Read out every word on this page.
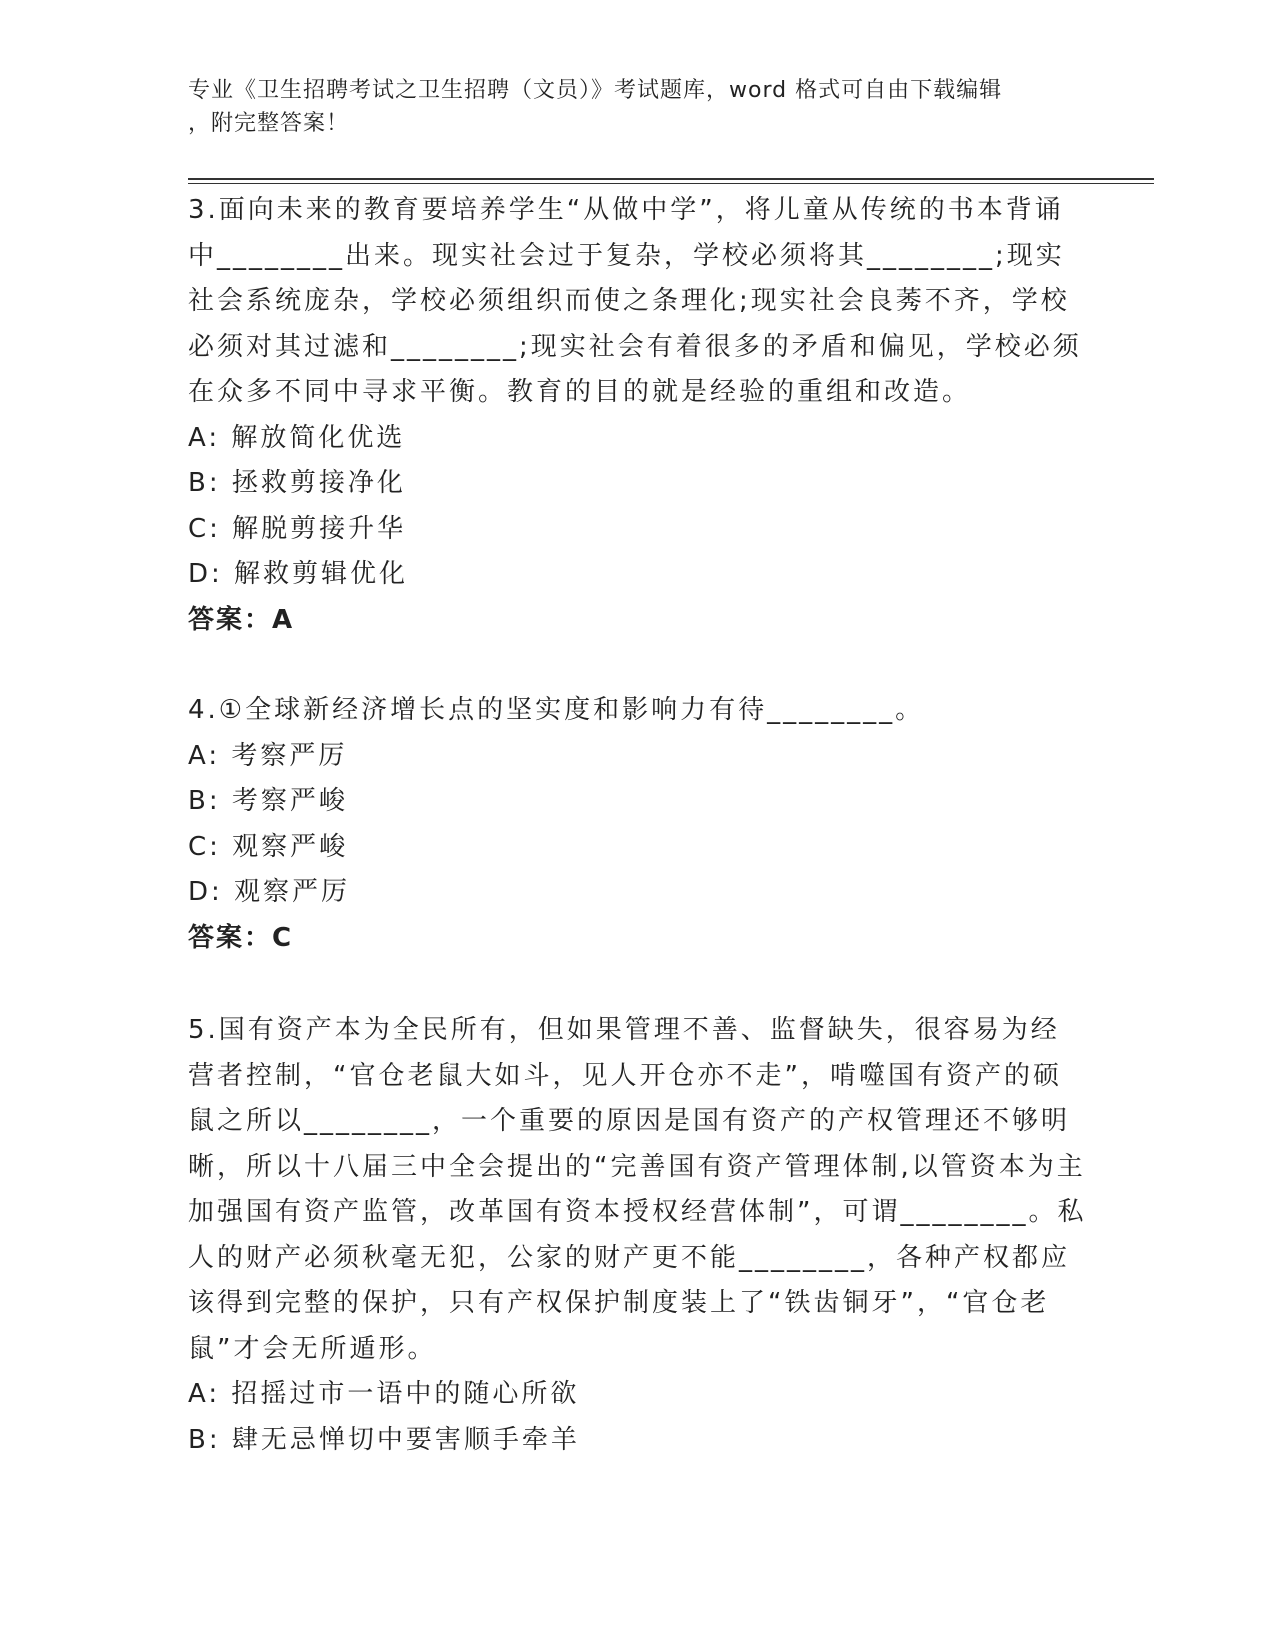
专业《卫生招聘考试之卫生招聘（文员）》考试题库，word 格式可自由下载编辑
，附完整答案！

3.面向未来的教育要培养学生“从做中学”，将儿童从传统的书本背诵中________出来。现实社会过于复杂，学校必须将其________;现实社会系统庞杂，学校必须组织而使之条理化;现实社会良莠不齐，学校必须对其过滤和________;现实社会有着很多的矛盾和偏见，学校必须在众多不同中寻求平衡。教育的目的就是经验的重组和改造。

A: 解放简化优选
B: 拯救剪接净化
C: 解脱剪接升华
D: 解救剪辑优化
答案：A

4.①全球新经济增长点的坚实度和影响力有待________。

A: 考察严厉
B: 考察严峻
C: 观察严峻
D: 观察严厉
答案：C

5.国有资产本为全民所有，但如果管理不善、监督缺失，很容易为经营者控制，“官仓老鼠大如斗，见人开仓亦不走”，啃噬国有资产的硕鼠之所以________，一个重要的原因是国有资产的产权管理还不够明晰，所以十八届三中全会提出的“完善国有资产管理体制,以管资本为主加强国有资产监管，改革国有资本授权经营体制”，可谓________。私人的财产必须秋毫无犯，公家的财产更不能________，各种产权都应该得到完整的保护，只有产权保护制度装上了“铁齿铜牙”，“官仓老鼠”才会无所遁形。

A: 招摇过市一语中的随心所欲
B: 肆无忌惮切中要害顺手牵羊
